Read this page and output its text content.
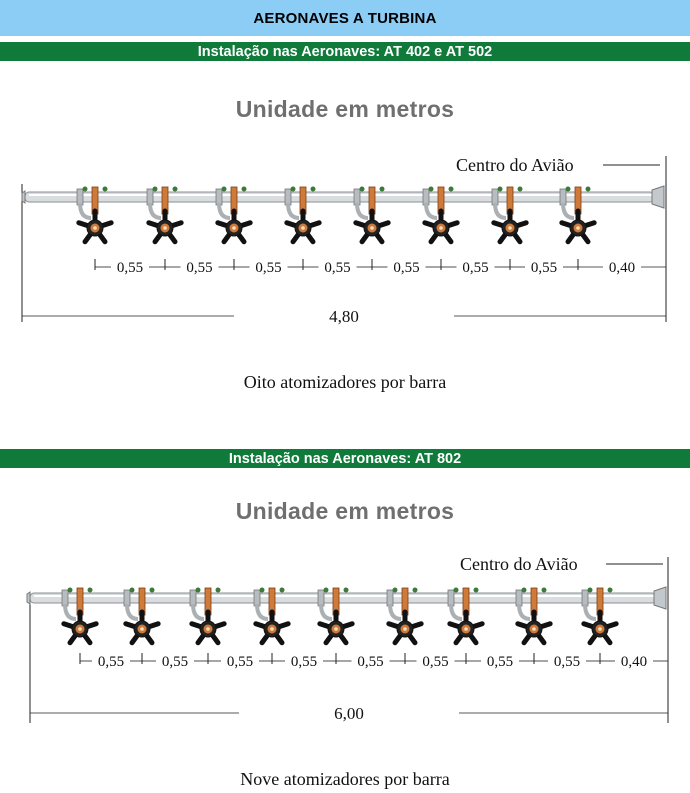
AERONAVES A TURBINA
Instalação nas Aeronaves: AT 402 e AT 502
Unidade em metros
Centro do Avião
0,55	0,55	0,55	0,55	0,55	0,55	0,55	0,40
4,80
Oito atomizadores por barra
Instalação nas Aeronaves: AT 802
Unidade em metros
Centro do Avião
0,55	0,55	0,55	0,55	0,55	0,55	0,55	0,55	0,40
6,00
Nove atomizadores por barra
